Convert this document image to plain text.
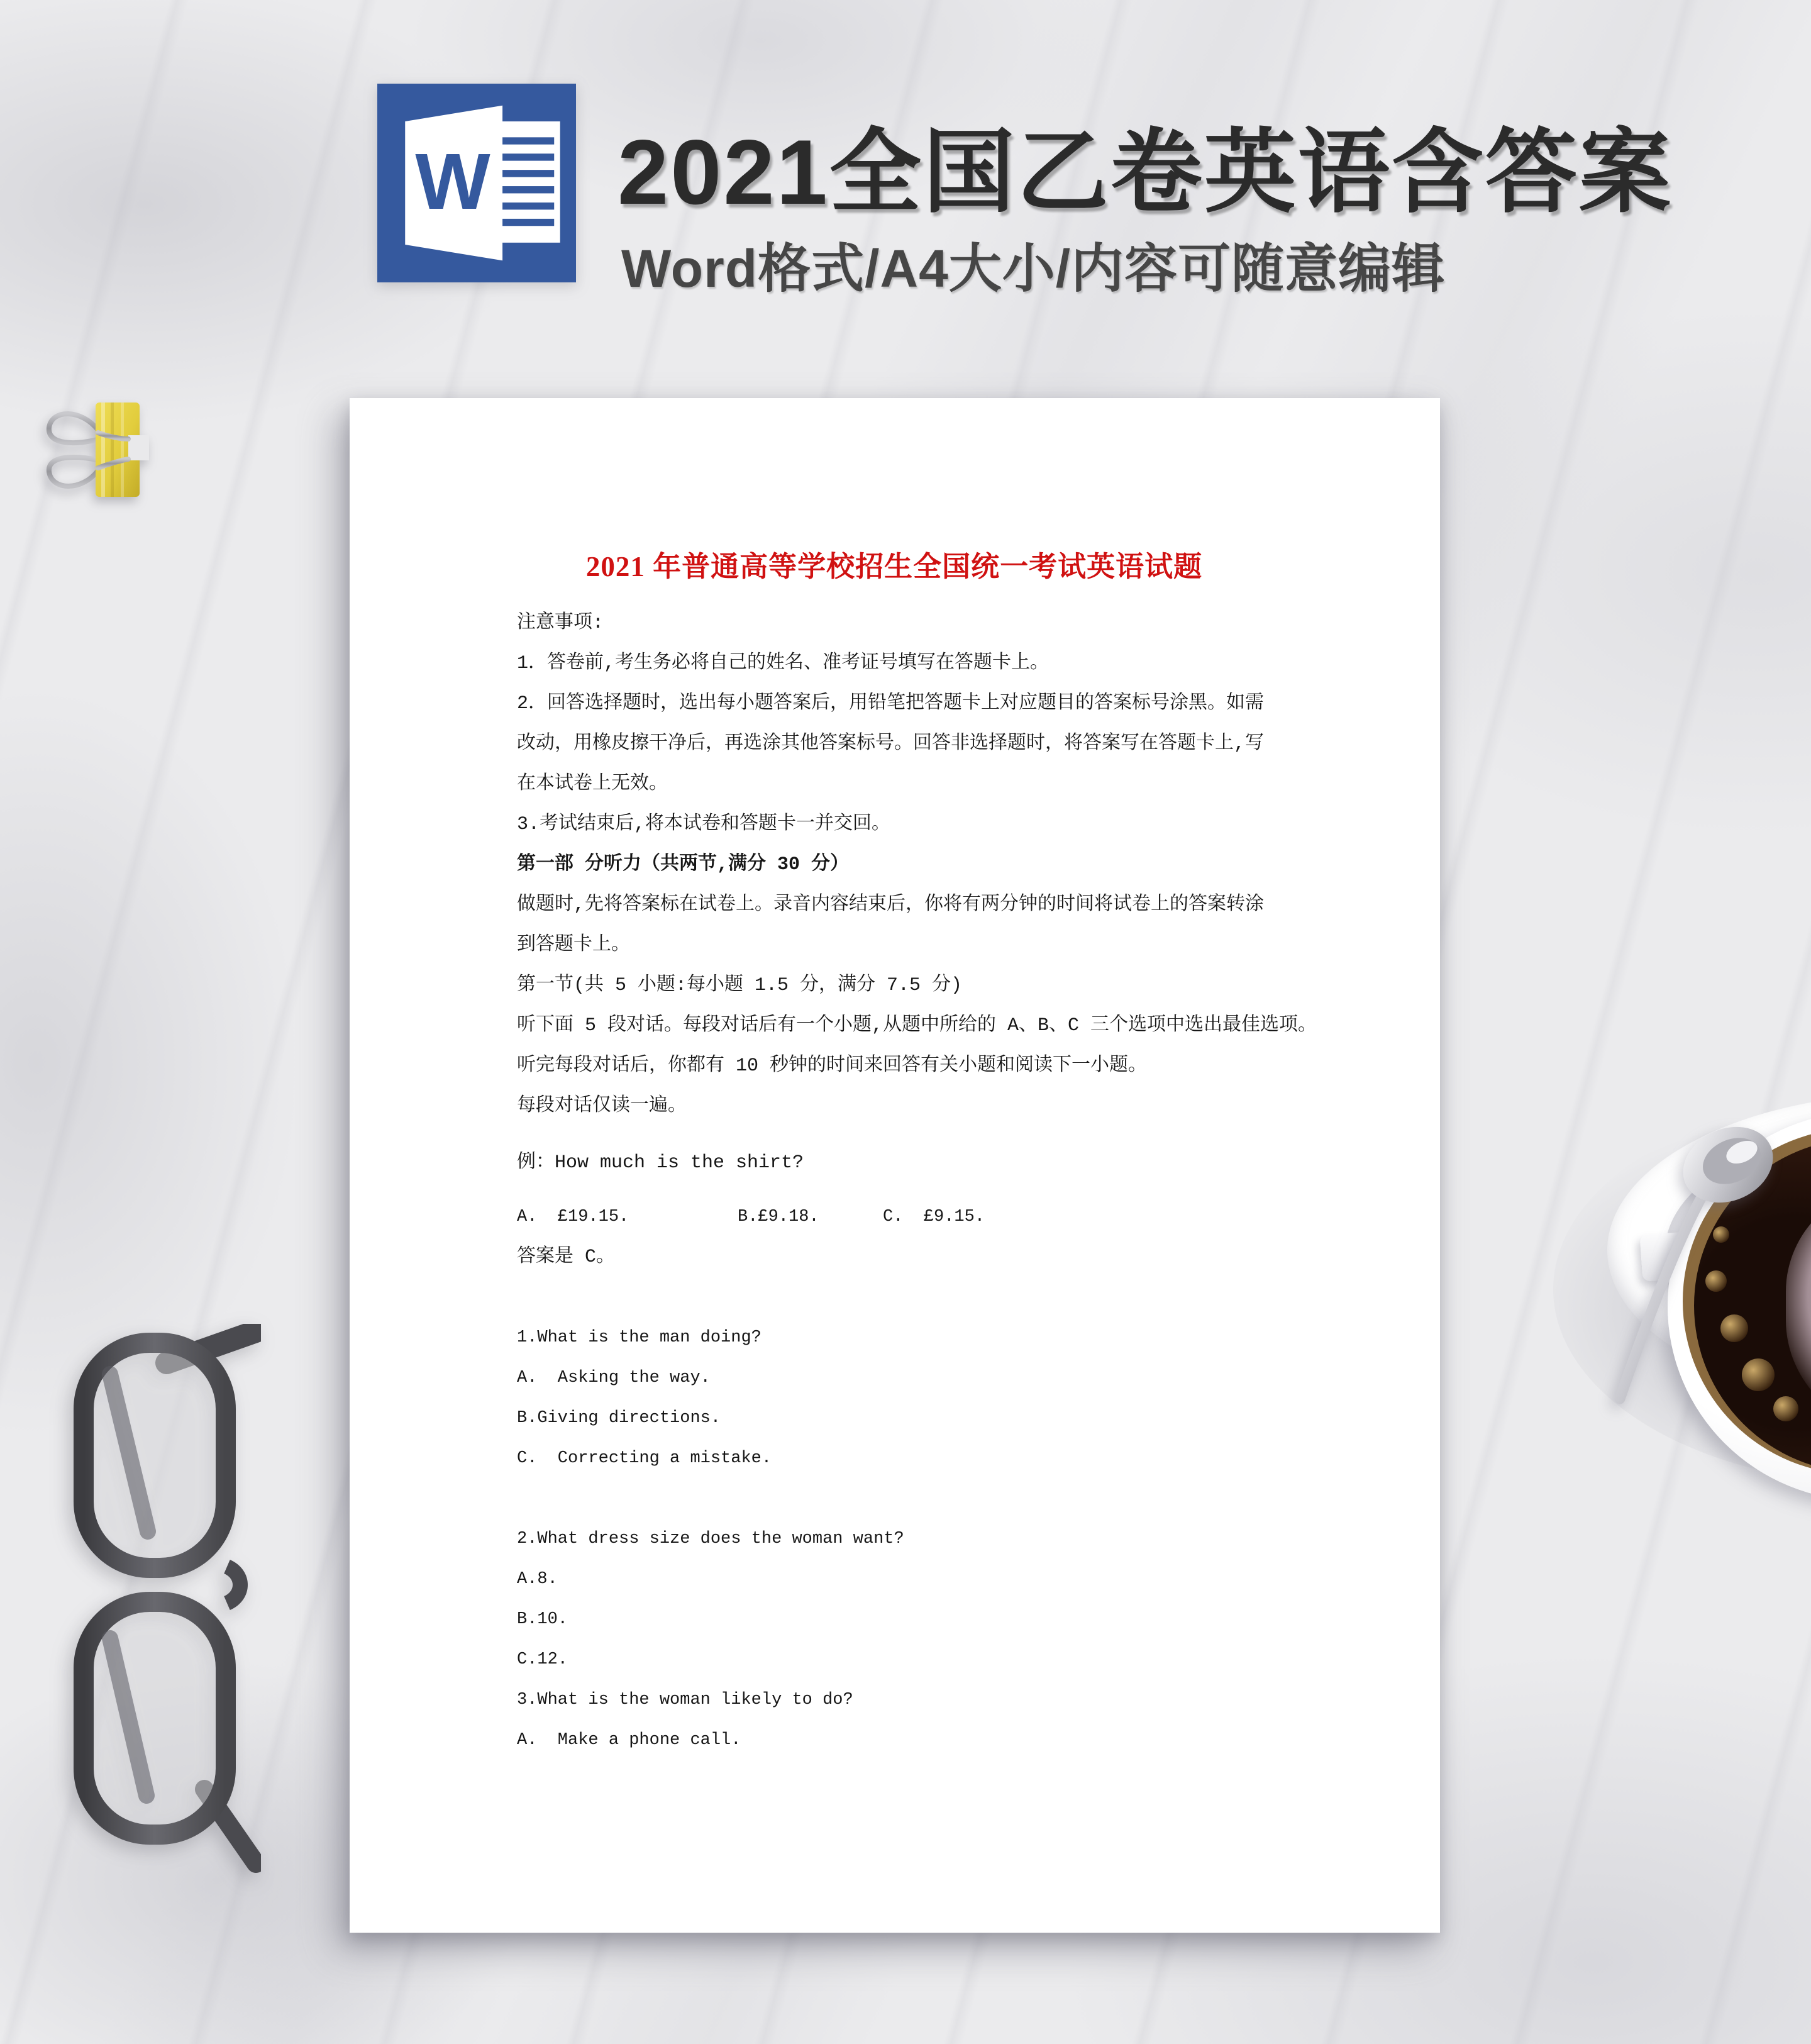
W 2021全国乙卷英语含答案
Word格式/A4大小/内容可随意编辑
2021 年普通高等学校招生全国统一考试英语试题
注意事项:
1．答卷前,考生务必将自己的姓名、准考证号填写在答题卡上。
2．回答选择题时，选出每小题答案后，用铅笔把答题卡上对应题目的答案标号涂黑。如需
改动，用橡皮擦干净后，再选涂其他答案标号。回答非选择题时，将答案写在答题卡上,写
在本试卷上无效。
3.考试结束后,将本试卷和答题卡一并交回。
第一部 分听力（共两节,满分 30 分）
做题时,先将答案标在试卷上。录音内容结束后，你将有两分钟的时间将试卷上的答案转涂
到答题卡上。
第一节(共 5 小题:每小题 1.5 分，满分 7.5 分)
听下面 5 段对话。每段对话后有一个小题,从题中所给的 A、B、C 三个选项中选出最佳选项。
听完每段对话后，你都有 10 秒钟的时间来回答有关小题和阅读下一小题。
每段对话仅读一遍。
例：How much is the shirt?
A.  £19.15.	B.£9.18.	C.  £9.15.
答案是 C。

1.What is the man doing?
A.  Asking the way.
B.Giving directions.
C.  Correcting a mistake.

2.What dress size does the woman want?
A.8.
B.10.
C.12.
3.What is the woman likely to do?
A.  Make a phone call.
